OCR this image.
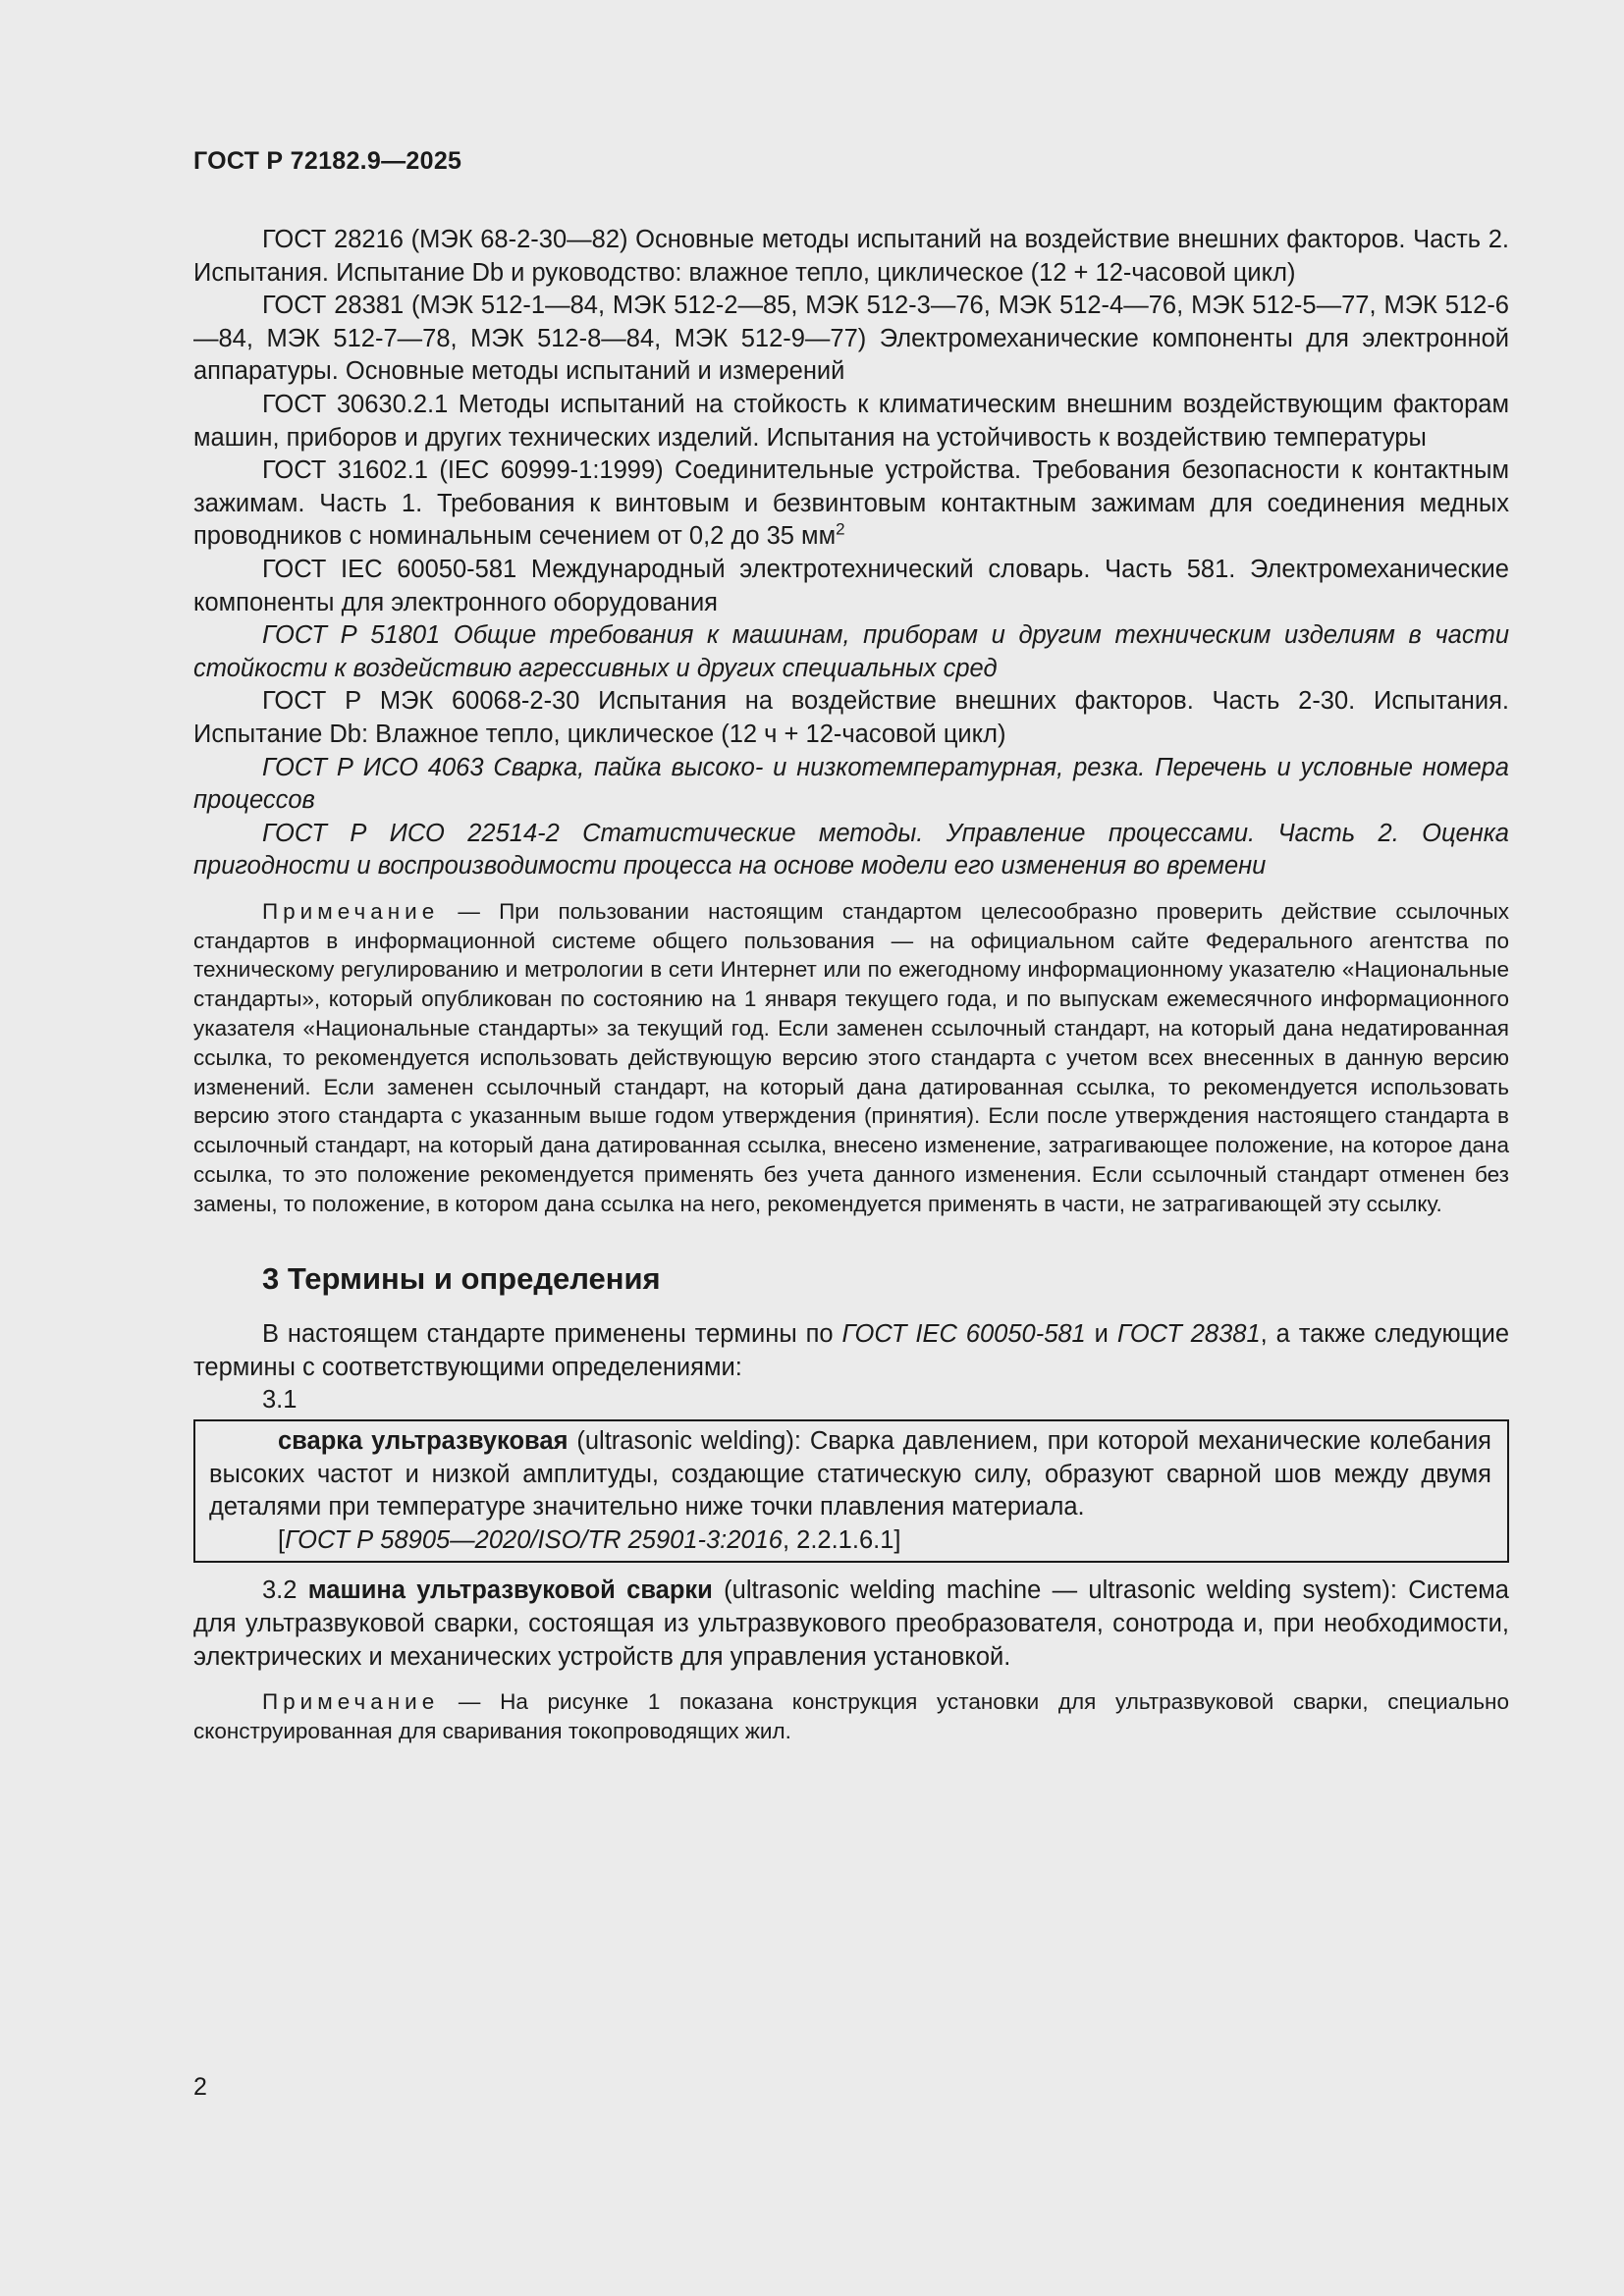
ГОСТ Р 72182.9—2025

ГОСТ 28216 (МЭК 68-2-30—82) Основные методы испытаний на воздействие внешних факторов. Часть 2. Испытания. Испытание Db и руководство: влажное тепло, циклическое (12 + 12-часовой цикл)

ГОСТ 28381 (МЭК 512-1—84, МЭК 512-2—85, МЭК 512-3—76, МЭК 512-4—76, МЭК 512-5—77, МЭК 512-6—84, МЭК 512-7—78, МЭК 512-8—84, МЭК 512-9—77) Электромеханические компоненты для электронной аппаратуры. Основные методы испытаний и измерений

ГОСТ 30630.2.1 Методы испытаний на стойкость к климатическим внешним воздействующим факторам машин, приборов и других технических изделий. Испытания на устойчивость к воздействию температуры

ГОСТ 31602.1 (IEC 60999-1:1999) Соединительные устройства. Требования безопасности к контактным зажимам. Часть 1. Требования к винтовым и безвинтовым контактным зажимам для соединения медных проводников с номинальным сечением от 0,2 до 35 $мм^2$

ГОСТ IEC 60050-581 Международный электротехнический словарь. Часть 581. Электромеханические компоненты для электронного оборудования

ГОСТ Р 51801 Общие требования к машинам, приборам и другим техническим изделиям в части стойкости к воздействию агрессивных и других специальных сред

ГОСТ Р МЭК 60068-2-30 Испытания на воздействие внешних факторов. Часть 2-30. Испытания. Испытание Db: Влажное тепло, циклическое (12 ч + 12-часовой цикл)

ГОСТ Р ИСО 4063 Сварка, пайка высоко- и низкотемпературная, резка. Перечень и условные номера процессов

ГОСТ Р ИСО 22514-2 Статистические методы. Управление процессами. Часть 2. Оценка пригодности и воспроизводимости процесса на основе модели его изменения во времени

Примечание — При пользовании настоящим стандартом целесообразно проверить действие ссылочных стандартов в информационной системе общего пользования — на официальном сайте Федерального агентства по техническому регулированию и метрологии в сети Интернет или по ежегодному информационному указателю «Национальные стандарты», который опубликован по состоянию на 1 января текущего года, и по выпускам ежемесячного информационного указателя «Национальные стандарты» за текущий год. Если заменен ссылочный стандарт, на который дана недатированная ссылка, то рекомендуется использовать действующую версию этого стандарта с учетом всех внесенных в данную версию изменений. Если заменен ссылочный стандарт, на который дана датированная ссылка, то рекомендуется использовать версию этого стандарта с указанным выше годом утверждения (принятия). Если после утверждения настоящего стандарта в ссылочный стандарт, на который дана датированная ссылка, внесено изменение, затрагивающее положение, на которое дана ссылка, то это положение рекомендуется применять без учета данного изменения. Если ссылочный стандарт отменен без замены, то положение, в котором дана ссылка на него, рекомендуется применять в части, не затрагивающей эту ссылку.

3 Термины и определения

В настоящем стандарте применены термины по ГОСТ IEC 60050-581 и ГОСТ 28381, а также следующие термины с соответствующими определениями:

3.1

сварка ультразвуковая (ultrasonic welding): Сварка давлением, при которой механические колебания высоких частот и низкой амплитуды, создающие статическую силу, образуют сварной шов между двумя деталями при температуре значительно ниже точки плавления материала.

[ГОСТ Р 58905—2020/ISO/TR 25901-3:2016, 2.2.1.6.1]

3.2 машина ультразвуковой сварки (ultrasonic welding machine — ultrasonic welding system): Система для ультразвуковой сварки, состоящая из ультразвукового преобразователя, сонотрода и, при необходимости, электрических и механических устройств для управления установкой.

Примечание — На рисунке 1 показана конструкция установки для ультразвуковой сварки, специально сконструированная для сваривания токопроводящих жил.

2
